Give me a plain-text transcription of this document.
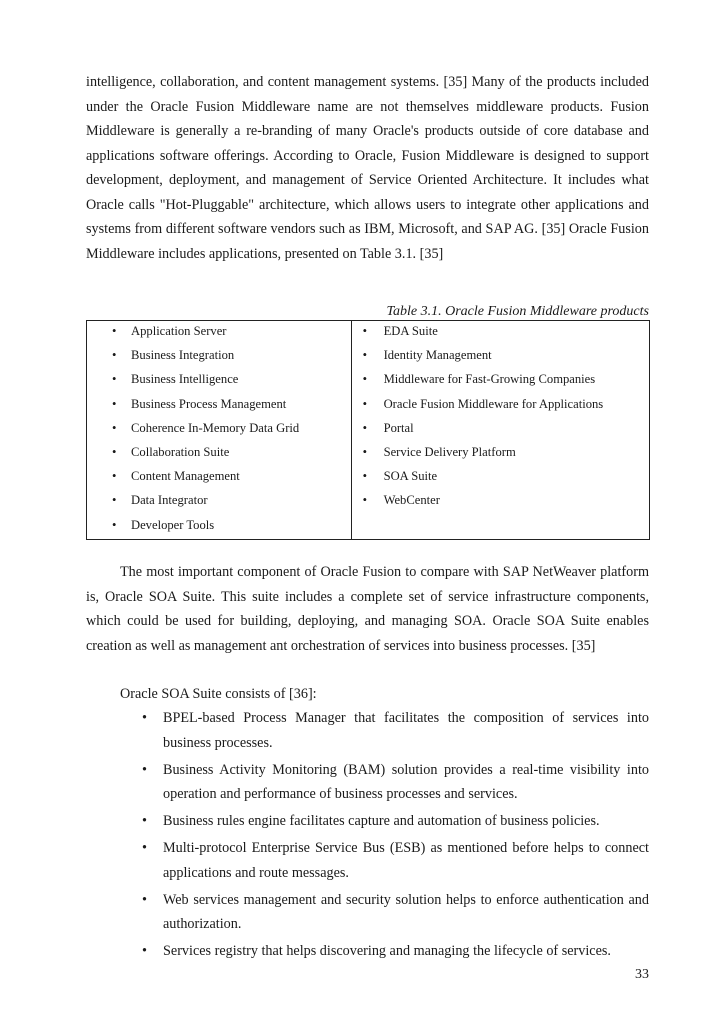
intelligence, collaboration, and content management systems. [35] Many of the products included under the Oracle Fusion Middleware name are not themselves middleware products. Fusion Middleware is generally a re-branding of many Oracle's products outside of core database and applications software offerings. According to Oracle, Fusion Middleware is designed to support development, deployment, and management of Service Oriented Architecture. It includes what Oracle calls "Hot-Pluggable" architecture, which allows users to integrate other applications and systems from different software vendors such as IBM, Microsoft, and SAP AG. [35] Oracle Fusion Middleware includes applications, presented on Table 3.1. [35]

Table 3.1. Oracle Fusion Middleware products
• Application Server
• Business Integration
• Business Intelligence
• Business Process Management
• Coherence In-Memory Data Grid
• Collaboration Suite
• Content Management
• Data Integrator
• Developer Tools

• EDA Suite
• Identity Management
• Middleware for Fast-Growing Companies
• Oracle Fusion Middleware for Applications
• Portal
• Service Delivery Platform
• SOA Suite
• WebCenter

The most important component of Oracle Fusion to compare with SAP NetWeaver platform is, Oracle SOA Suite. This suite includes a complete set of service infrastructure components, which could be used for building, deploying, and managing SOA. Oracle SOA Suite enables creation as well as management ant orchestration of services into business processes. [35]

Oracle SOA Suite consists of [36]:
• BPEL-based Process Manager that facilitates the composition of services into business processes.
• Business Activity Monitoring (BAM) solution provides a real-time visibility into operation and performance of business processes and services.
• Business rules engine facilitates capture and automation of business policies.
• Multi-protocol Enterprise Service Bus (ESB) as mentioned before helps to connect applications and route messages.
• Web services management and security solution helps to enforce authentication and authorization.
• Services registry that helps discovering and managing the lifecycle of services.
33
